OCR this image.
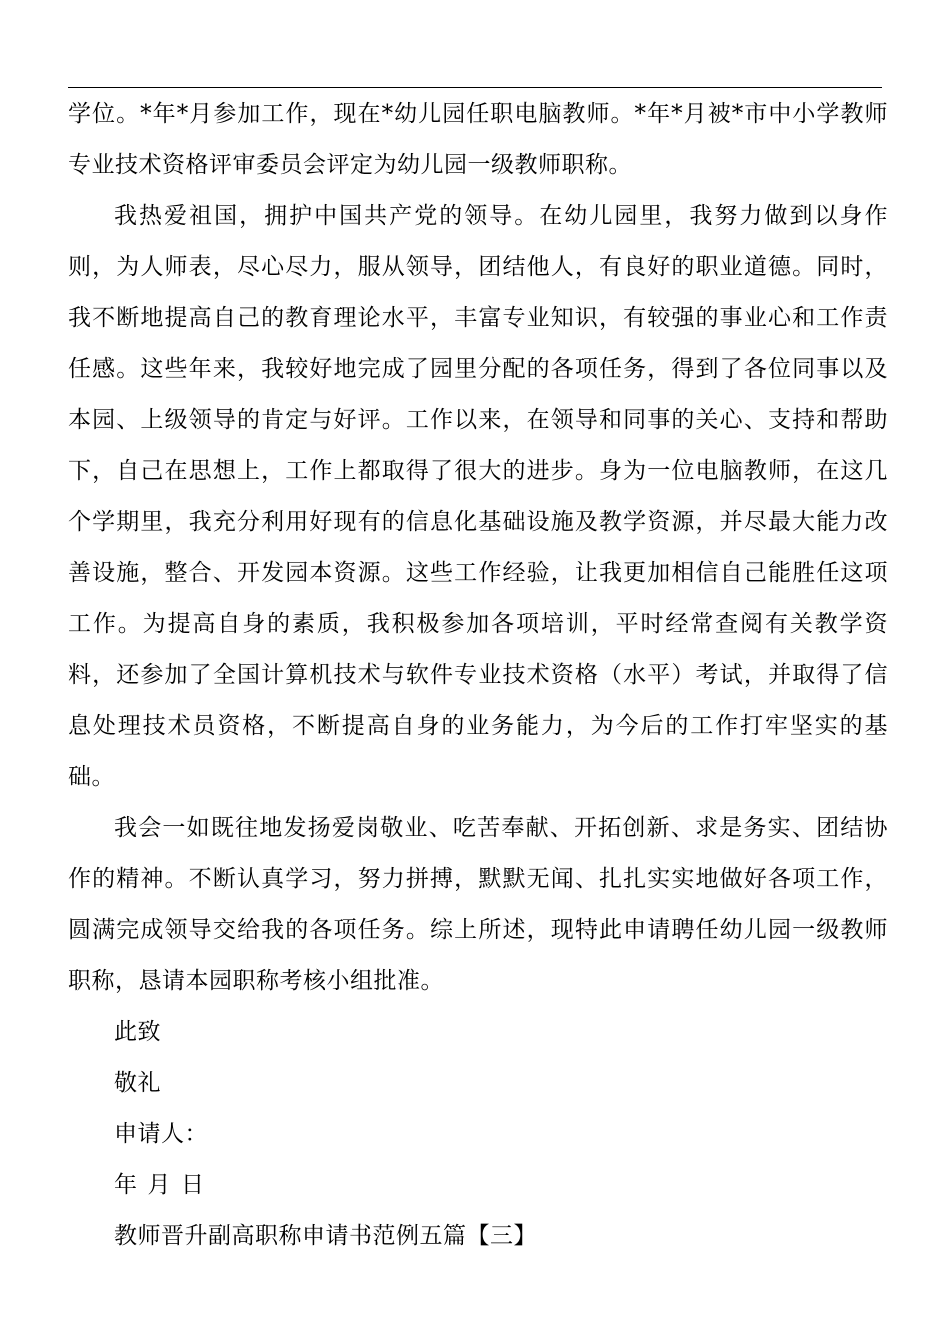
学位。*年*月参加工作，现在*幼儿园任职电脑教师。*年*月被*市中小学教师专业技术资格评审委员会评定为幼儿园一级教师职称。

我热爱祖国，拥护中国共产党的领导。在幼儿园里，我努力做到以身作则，为人师表，尽心尽力，服从领导，团结他人，有良好的职业道德。同时，我不断地提高自己的教育理论水平，丰富专业知识，有较强的事业心和工作责任感。这些年来，我较好地完成了园里分配的各项任务，得到了各位同事以及本园、上级领导的肯定与好评。工作以来，在领导和同事的关心、支持和帮助下，自己在思想上，工作上都取得了很大的进步。身为一位电脑教师，在这几个学期里，我充分利用好现有的信息化基础设施及教学资源，并尽最大能力改善设施，整合、开发园本资源。这些工作经验，让我更加相信自己能胜任这项工作。为提高自身的素质，我积极参加各项培训，平时经常查阅有关教学资料，还参加了全国计算机技术与软件专业技术资格（水平）考试，并取得了信息处理技术员资格，不断提高自身的业务能力，为今后的工作打牢坚实的基础。

我会一如既往地发扬爱岗敬业、吃苦奉献、开拓创新、求是务实、团结协作的精神。不断认真学习，努力拼搏，默默无闻、扎扎实实地做好各项工作，圆满完成领导交给我的各项任务。综上所述，现特此申请聘任幼儿园一级教师职称，恳请本园职称考核小组批准。

此致

敬礼

申请人：

年 月 日

教师晋升副高职称申请书范例五篇【三】
